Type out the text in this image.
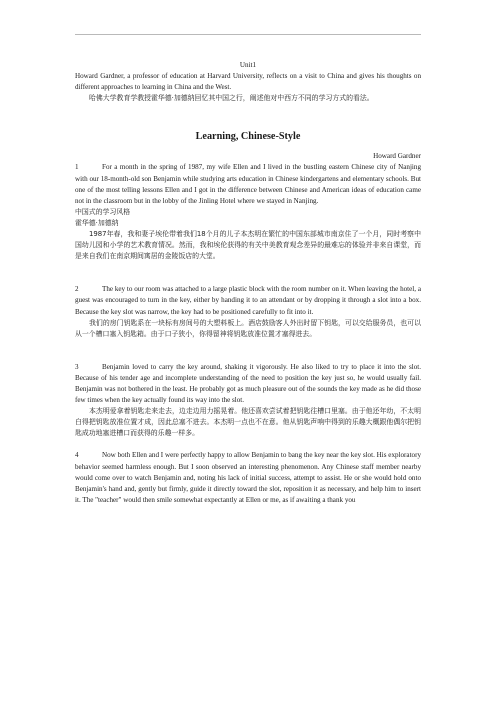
Unit1

Howard Gardner, a professor of education at Harvard University, reflects on a visit to China and gives his thoughts on different approaches to learning in China and the West.

哈佛大学教育学教授霍华德·加德纳回忆其中国之行，阐述他对中西方不同的学习方式的看法。

Learning, Chinese-Style

Howard Gardner

1	For a month in the spring of 1987, my wife Ellen and I lived in the bustling eastern Chinese city of Nanjing with our 18-month-old son Benjamin while studying arts education in Chinese kindergartens and elementary schools. But one of the most telling lessons Ellen and I got in the difference between Chinese and American ideas of education came not in the classroom but in the lobby of the Jinling Hotel where we stayed in Nanjing.

中国式的学习风格

霍华德·加德纳

1987年春，我和妻子埃伦带着我们18个月的儿子本杰明在繁忙的中国东部城市南京住了一个月，同时考察中国幼儿园和小学的艺术教育情况。然而，我和埃伦获得的有关中美教育观念差异的最难忘的体验并非来自课堂，而是来自我们在南京期间寓居的金陵饭店的大堂。

2	The key to our room was attached to a large plastic block with the room number on it. When leaving the hotel, a guest was encouraged to turn in the key, either by handing it to an attendant or by dropping it through a slot into a box. Because the key slot was narrow, the key had to be positioned carefully to fit into it.

我们的房门钥匙系在一块标有房间号的大塑料板上。酒店鼓励客人外出时留下钥匙，可以交给服务员，也可以从一个槽口塞入钥匙箱。由于口子狭小，你得留神将钥匙放准位置才塞得进去。

3	Benjamin loved to carry the key around, shaking it vigorously. He also liked to try to place it into the slot. Because of his tender age and incomplete understanding of the need to position the key just so, he would usually fail. Benjamin was not bothered in the least. He probably got as much pleasure out of the sounds the key made as he did those few times when the key actually found its way into the slot.

本杰明爱拿着钥匙走来走去，边走边用力摇晃着。他还喜欢尝试着把钥匙往槽口里塞。由于他还年幼，不太明白得把钥匙放准位置才成，因此总塞不进去。本杰明一点也不在意。他从钥匙声响中得到的乐趣大概跟他偶尔把钥匙成功地塞进槽口而获得的乐趣一样多。

4	Now both Ellen and I were perfectly happy to allow Benjamin to bang the key near the key slot. His exploratory behavior seemed harmless enough. But I soon observed an interesting phenomenon. Any Chinese staff member nearby would come over to watch Benjamin and, noting his lack of initial success, attempt to assist. He or she would hold onto Benjamin's hand and, gently but firmly, guide it directly toward the slot, reposition it as necessary, and help him to insert it. The "teacher" would then smile somewhat expectantly at Ellen or me, as if awaiting a thank you
